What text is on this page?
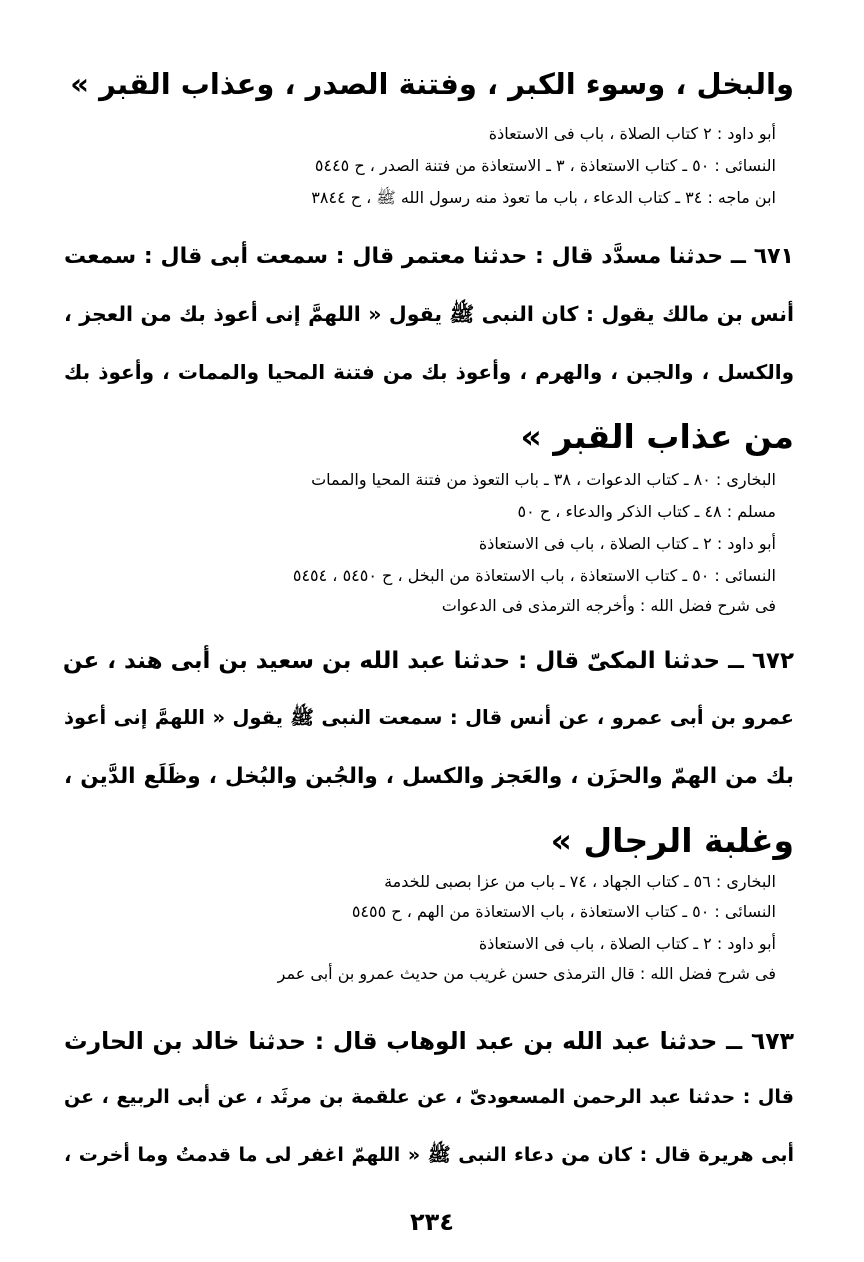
والبخل ، وسوء الكبر ، وفتنة الصدر ، وعذاب القبر »
أبو داود : ٢ كتاب الصلاة ، باب فى الاستعاذة
النسائى : ٥٠ ـ كتاب الاستعاذة ، ٣ ـ الاستعاذة من فتنة الصدر ، ح ٥٤٤٥
ابن ماجه : ٣٤ ـ كتاب الدعاء ، باب ما تعوذ منه رسول الله ﷺ ، ح ٣٨٤٤
٦٧١ ــ حدثنا مسدَّد قال : حدثنا معتمر قال : سمعت أبى قال : سمعت
أنس بن مالك يقول : كان النبى ﷺ يقول « اللهمَّ إنى أعوذ بك من العجز ،
والكسل ، والجبن ، والهرم ، وأعوذ بك من فتنة المحيا والممات ، وأعوذ بك
من عذاب القبر »
البخارى : ٨٠ ـ كتاب الدعوات ، ٣٨ ـ باب التعوذ من فتنة المحيا والممات
مسلم : ٤٨ ـ كتاب الذكر والدعاء ، ح ٥٠
أبو داود : ٢ ـ كتاب الصلاة ، باب فى الاستعاذة
النسائى : ٥٠ ـ كتاب الاستعاذة ، باب الاستعاذة من البخل ، ح ٥٤٥٠ ، ٥٤٥٤
فى شرح فضل الله : وأخرجه الترمذى فى الدعوات
٦٧٢ ــ حدثنا المكىّ قال : حدثنا عبد الله بن سعيد بن أبى هند ، عن
عمرو بن أبى عمرو ، عن أنس قال : سمعت النبى ﷺ يقول « اللهمَّ إنى أعوذ
بك من الهمّ والحزَن ، والعَجز والكسل ، والجُبن والبُخل ، وظَلَع الدَّين ،
وغلبة الرجال »
البخارى : ٥٦ ـ كتاب الجهاد ، ٧٤ ـ باب من عزا بصبى للخدمة
النسائى : ٥٠ ـ كتاب الاستعاذة ، باب الاستعاذة من الهم ، ح ٥٤٥٥
أبو داود : ٢ ـ كتاب الصلاة ، باب فى الاستعاذة
فى شرح فضل الله : قال الترمذى حسن غريب من حديث عمرو بن أبى عمر
٦٧٣ ــ حدثنا عبد الله بن عبد الوهاب قال : حدثنا خالد بن الحارث
قال : حدثنا عبد الرحمن المسعودىّ ، عن علقمة بن مرثَد ، عن أبى الربيع ، عن
أبى هريرة قال : كان من دعاء النبى ﷺ « اللهمّ اغفر لى ما قدمتُ وما أخرت ،
٢٣٤
